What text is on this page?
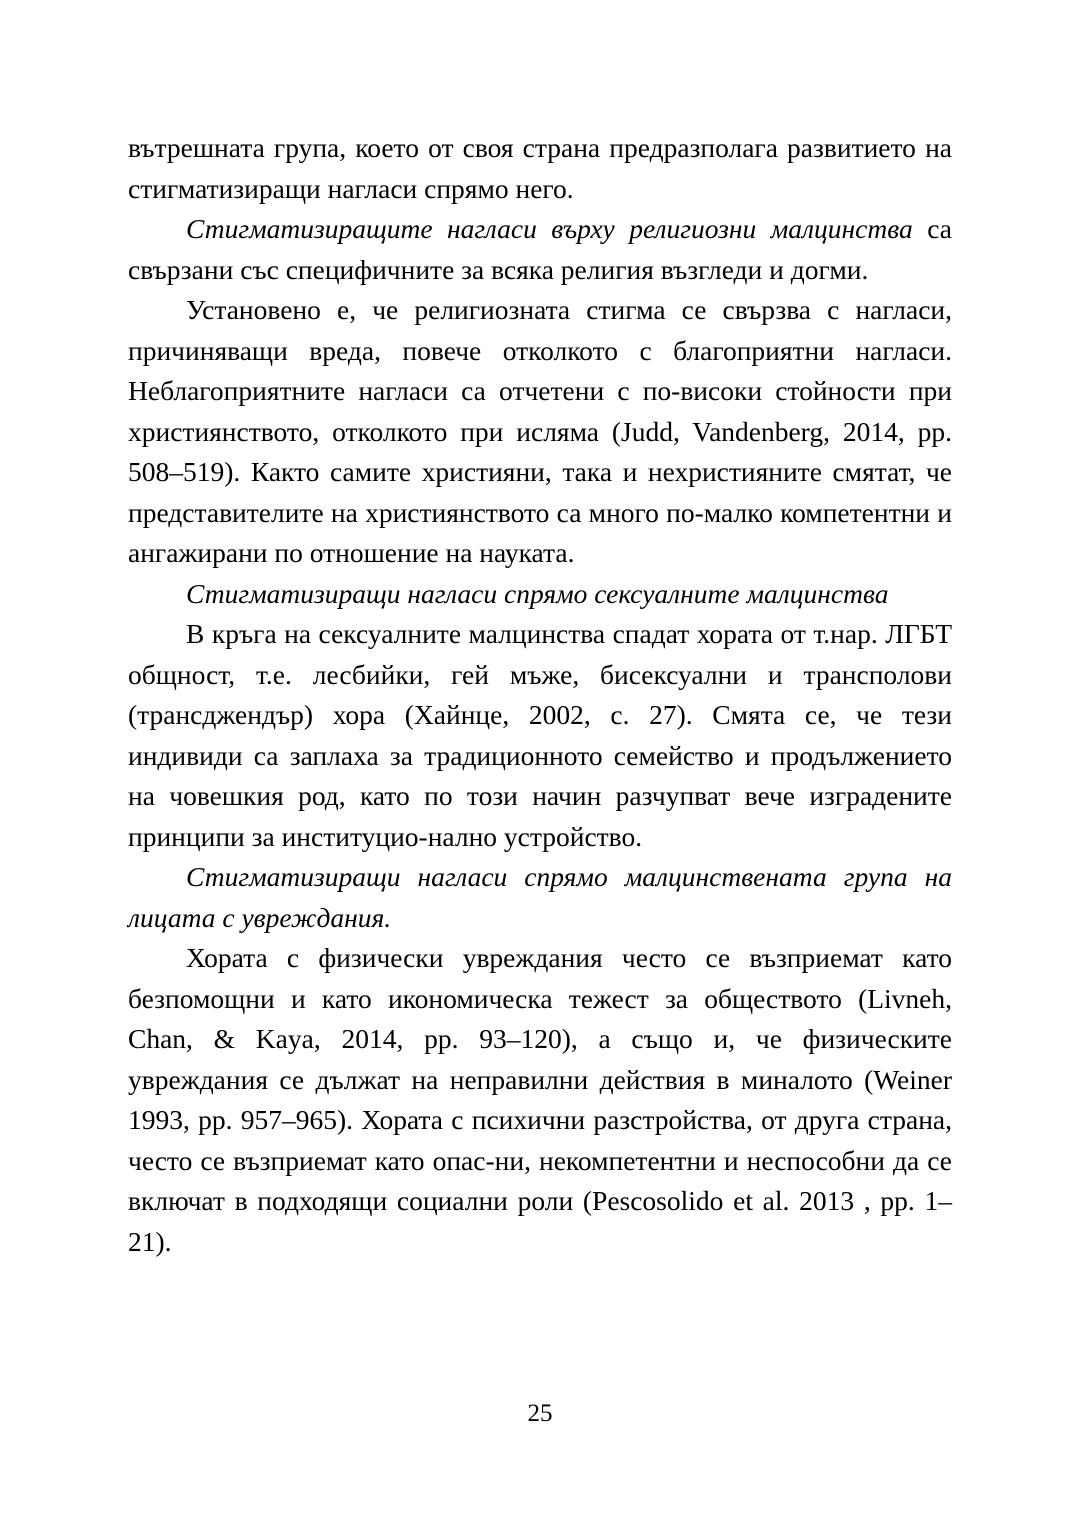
вътрешната група, което от своя страна предразполага развитието на стигматизиращи нагласи спрямо него.

Стигматизиращите нагласи върху религиозни малцинства са свързани със специфичните за всяка религия възгледи и догми.

Установено е, че религиозната стигма се свързва с нагласи, причиняващи вреда, повече отколкото с благоприятни нагласи. Неблагоприятните нагласи са отчетени с по-високи стойности при християнството, отколкото при исляма (Judd, Vandenberg, 2014, pp. 508–519). Както самите християни, така и нехристияните смятат, че представителите на християнството са много по-малко компетентни и ангажирани по отношение на науката.

Стигматизиращи нагласи спрямо сексуалните малцинства

В кръга на сексуалните малцинства спадат хората от т.нар. ЛГБТ общност, т.е. лесбийки, гей мъже, бисексуални и трансполови (трансджендър) хора (Хайнце, 2002, с. 27). Смята се, че тези индивиди са заплаха за традиционното семейство и продължението на човешкия род, като по този начин разчупват вече изградените принципи за институцио-налнo устройство.

Стигматизиращи нагласи спрямо малцинствената група на лицата с увреждания.

Хората с физически увреждания често се възприемат като безпомощни и като икономическа тежест за обществото (Livneh, Chan, & Kaya, 2014, pp. 93–120), а също и, че физическите увреждания се дължат на неправилни действия в миналото (Weiner 1993, pp. 957–965). Хората с психични разстройства, от друга страна, често се възприемат като опас-ни, некомпетентни и неспособни да се включат в подходящи социални роли (Pescosolido et al. 2013 , pp. 1–21).

25
